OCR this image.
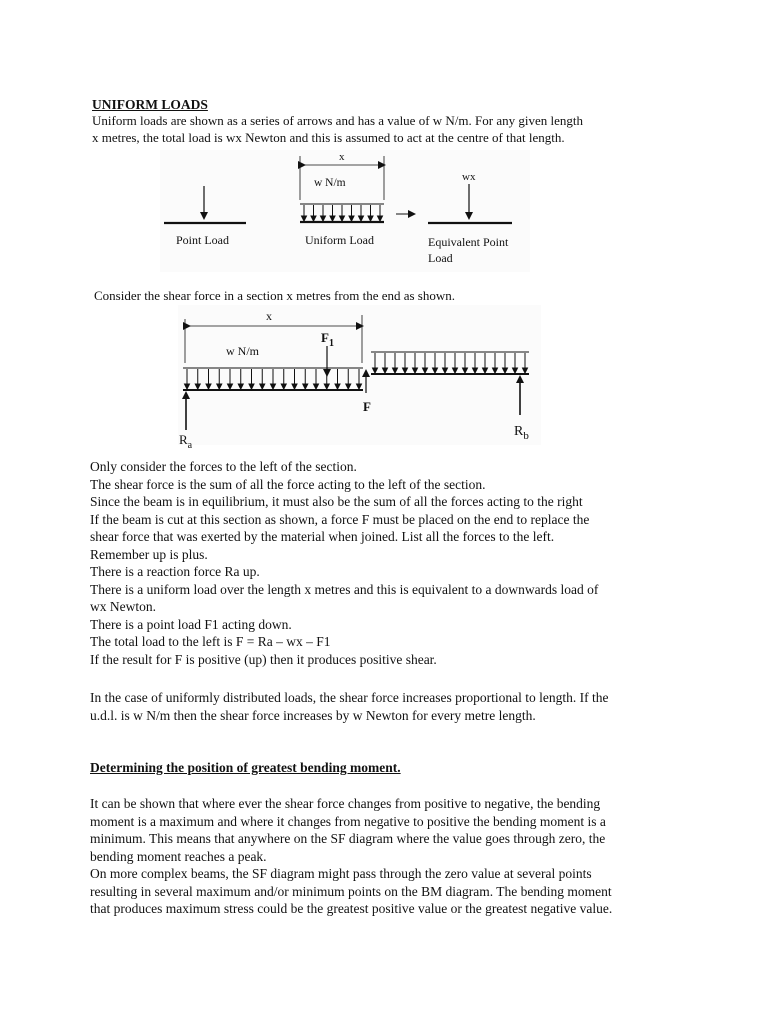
UNIFORM LOADS
Uniform loads are shown as a series of arrows and has a value of w N/m. For any given length
x metres, the total load is wx Newton and this is assumed to act at the centre of that length.
Point Load
x
w N/m
Uniform Load
wx
Equivalent Point
Load
Consider the shear force in a section x metres from the end as shown.
x
w N/m
$F_1$
F
$R_a$
$R_b$
Only consider the forces to the left of the section.
The shear force is the sum of all the force acting to the left of the section.
Since the beam is in equilibrium, it must also be the sum of all the forces acting to the right
If the beam is cut at this section as shown, a force F must be placed on the end to replace the
shear force that was exerted by the material when joined. List all the forces to the left.
Remember up is plus.
There is a reaction force Ra up.
There is a uniform load over the length x metres and this is equivalent to a downwards load of
wx Newton.
There is a point load F1 acting down.
The total load to the left is F = Ra – wx – F1
If the result for F is positive (up) then it produces positive shear.
In the case of uniformly distributed loads, the shear force increases proportional to length. If the
u.d.l. is w N/m then the shear force increases by w Newton for every metre length.
Determining the position of greatest bending moment.
It can be shown that where ever the shear force changes from positive to negative, the bending
moment is a maximum and where it changes from negative to positive the bending moment is a
minimum. This means that anywhere on the SF diagram where the value goes through zero, the
bending moment reaches a peak.
On more complex beams, the SF diagram might pass through the zero value at several points
resulting in several maximum and/or minimum points on the BM diagram. The bending moment
that produces maximum stress could be the greatest positive value or the greatest negative value.
